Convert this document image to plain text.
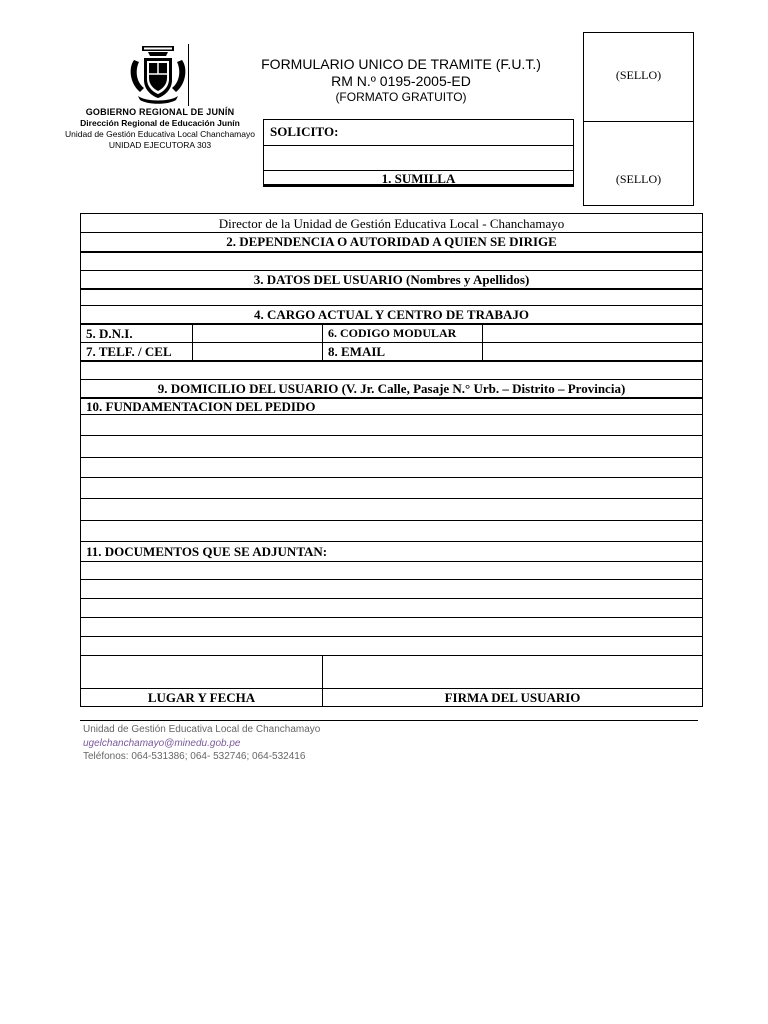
GOBIERNO REGIONAL DE JUNÍN
Dirección Regional de Educación Junín
Unidad de Gestión Educativa Local Chanchamayo
UNIDAD EJECUTORA 303
FORMULARIO UNICO DE TRAMITE (F.U.T.)
RM N.º 0195-2005-ED
(FORMATO GRATUITO)
SOLICITO:
1. SUMILLA
(SELLO)
(SELLO)
Director de la Unidad de Gestión Educativa Local - Chanchamayo			
2. DEPENDENCIA O AUTORIDAD A QUIEN SE DIRIGE			

3. DATOS DEL USUARIO (Nombres y Apellidos)			

4. CARGO ACTUAL Y CENTRO DE TRABAJO			
5. D.N.I.		6. CODIGO MODULAR	
7. TELF. / CEL		8. EMAIL	

9. DOMICILIO DEL USUARIO (V. Jr. Calle, Pasaje N.° Urb. – Distrito – Provincia)			
10. FUNDAMENTACION DEL PEDIDO			

11. DOCUMENTOS QUE SE ADJUNTAN:			

LUGAR Y FECHA		FIRMA DEL USUARIO	
Unidad de Gestión Educativa Local de Chanchamayo
ugelchanchamayo@minedu.gob.pe
Teléfonos: 064-531386; 064- 532746; 064-532416
